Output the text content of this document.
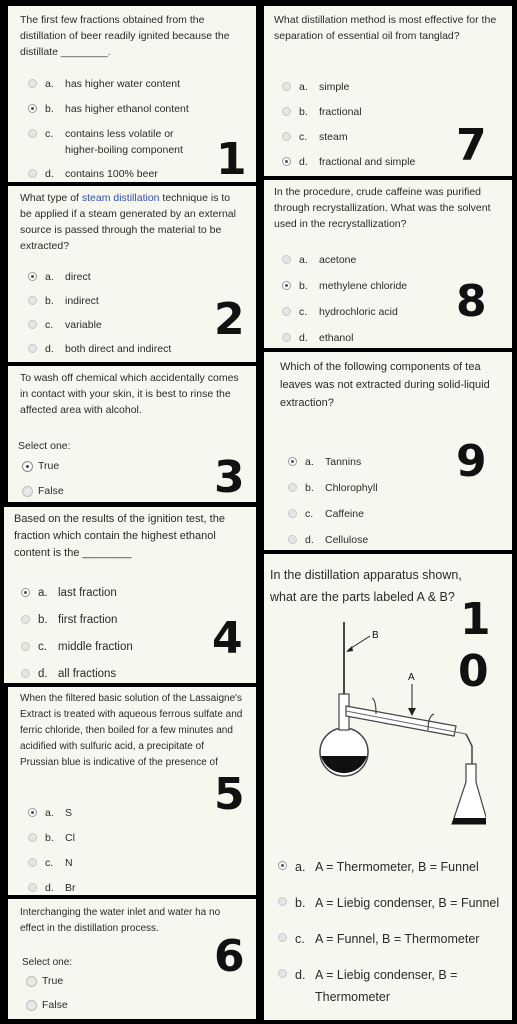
The first few fractions obtained from the distillation of beer readily ignited because the distillate ________.
a. has higher water content
b. has higher ethanol content
c. contains less volatile or higher-boiling component
d. contains 100% beer	1
What type of steam distillation technique is to be applied if a steam generated by an external source is passed through the material to be extracted?
a. direct
b. indirect
c. variable
d. both direct and indirect
2
To wash off chemical which accidentally comes in contact with your skin, it is best to rinse the affected area with alcohol.
Select one:
True
False	3
Based on the results of the ignition test, the fraction which contain the highest ethanol content is the ________
a. last fraction
b. first fraction
c. middle fraction
d. all fractions
4
When the filtered basic solution of the Lassaigne's Extract is treated with aqueous ferrous sulfate and ferric chloride, then boiled for a few minutes and acidified with sulfuric acid, a precipitate of Prussian blue is indicative of the presence of
a. S
b. Cl
c. N
d. Br
5
Interchanging the water inlet and water ha no effect in the distillation process.
Select one:
True
False
6
What distillation method is most effective for the separation of essential oil from tanglad?
a. simple
b. fractional
c. steam
d. fractional and simple 7
In the procedure, crude caffeine was purified through recrystallization. What was the solvent used in the recrystallization?
a. acetone
b. methylene chloride
c. hydrochloric acid
d. ethanol
8
Which of the following components of tea leaves was not extracted during solid-liquid extraction?
a. Tannins
b. Chlorophyll
c. Caffeine
d. Cellulose
9
In the distillation apparatus shown, what are the parts labeled A & B?
B
A
1
0
a. A = Thermometer, B = Funnel
b. A = Liebig condenser, B = Funnel
c. A = Funnel, B = Thermometer
d. A = Liebig condenser, B = Thermometer
